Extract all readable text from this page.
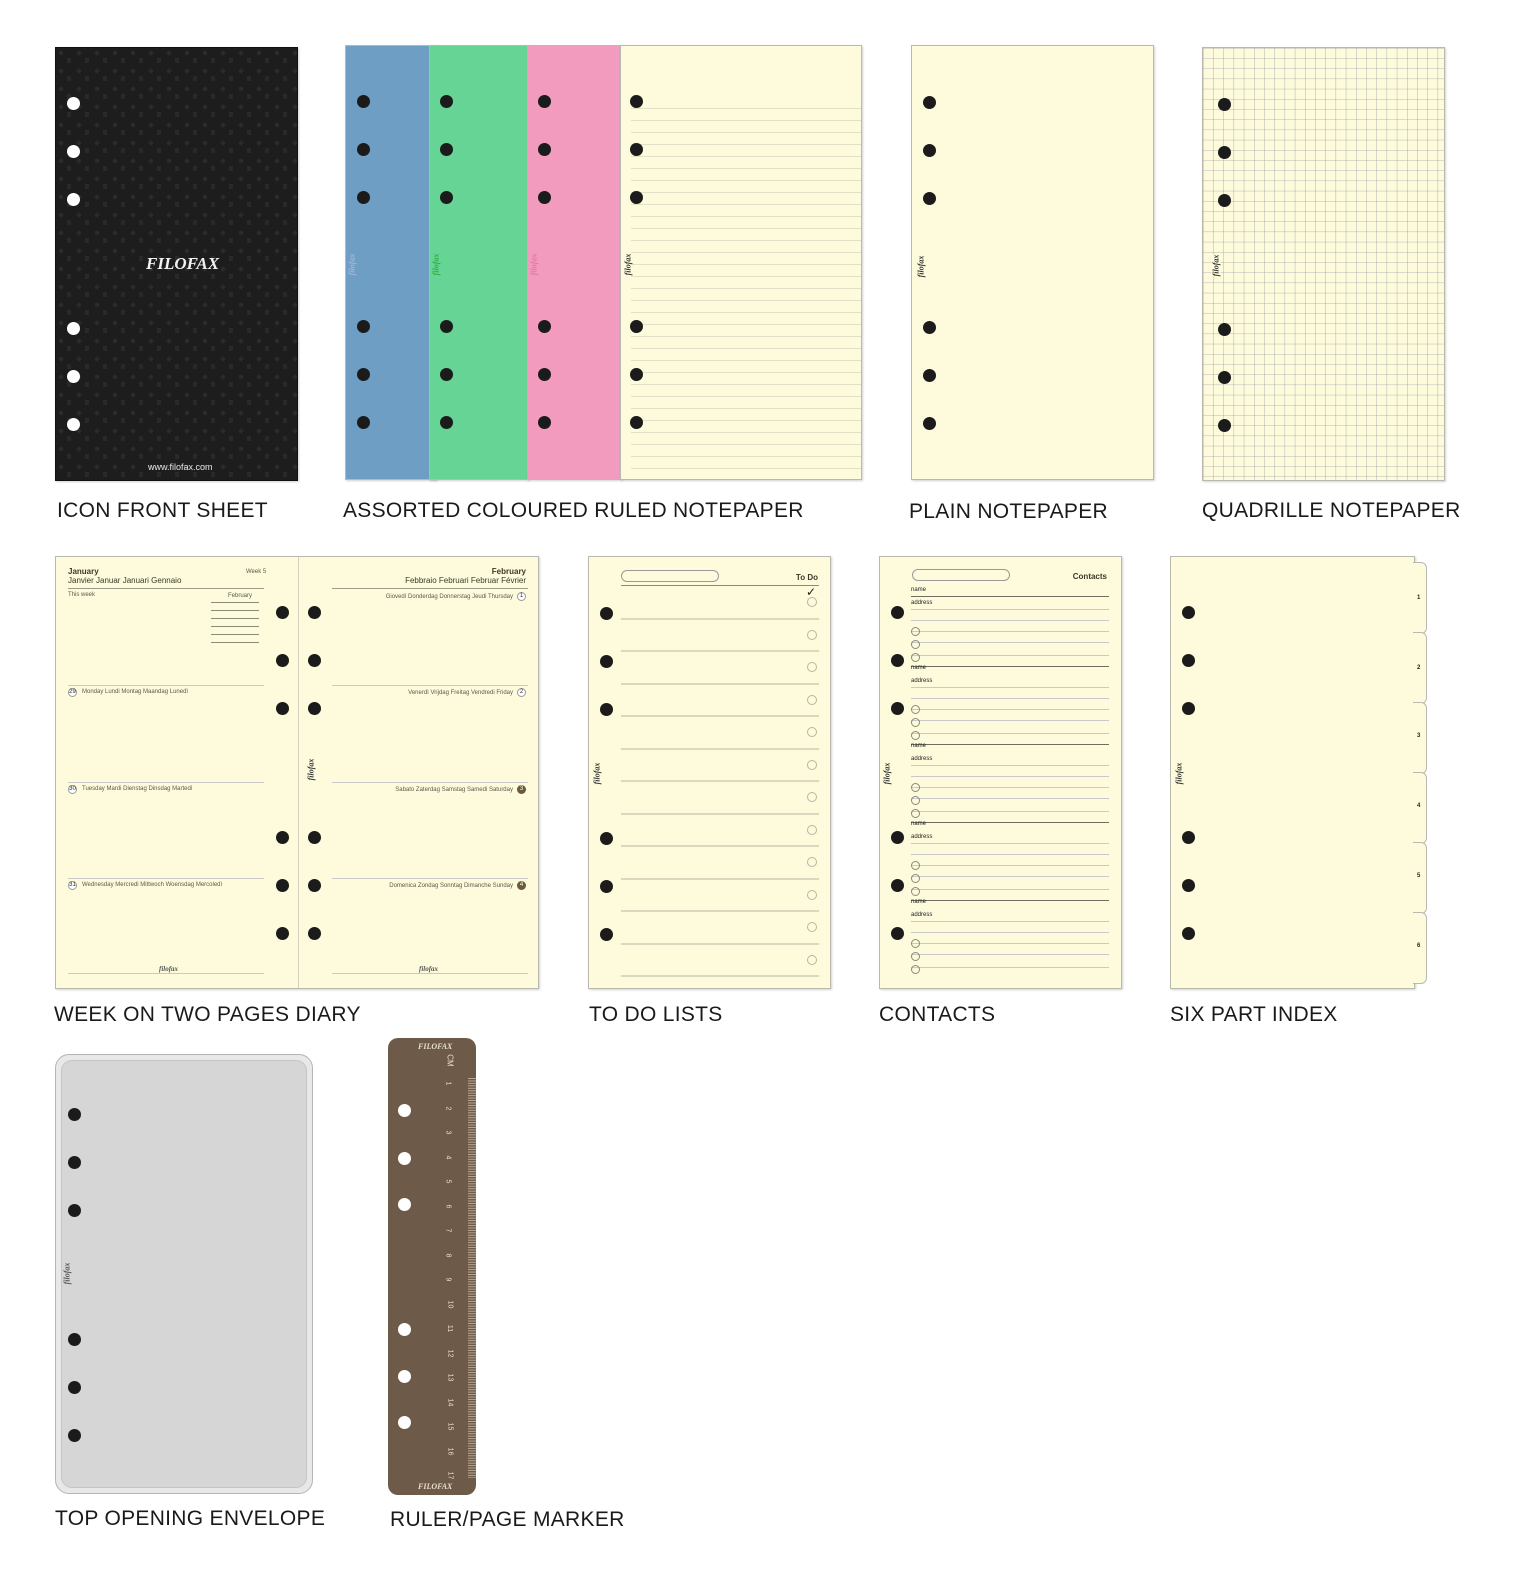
FILOFAX
www.filofax.com
ICON FRONT SHEET
filofax	filofax	filofax	filofax
ASSORTED COLOURED RULED NOTEPAPER
filofax
PLAIN NOTEPAPER
filofax
QUADRILLE NOTEPAPER
January
Janvier Januar Januari Gennaio
Week 5
This week	February
29 Monday Lundi Montag Maandag Lunedì
30 Tuesday Mardi Dienstag Dinsdag Martedì
31 Wednesday Mercredi Mittwoch Woensdag Mercoledì
filofax
February
Febbraio Februari Februar Février
Giovedì Donderdag Donnerstag Jeudi Thursday	1
Venerdì Vrijdag Freitag Vendredi Friday	2
Sabato Zaterdag Samstag Samedi Saturday	3
Domenica Zondag Sonntag Dimanche Sunday	4
filofax
filofax
WEEK ON TWO PAGES DIARY
To Do
✓
filofax
TO DO LISTS
Contacts
name
address
name
address
name
address
name
address
name
address
filofax
CONTACTS
filofax
1
2
3
4
5
6
SIX PART INDEX
filofax
TOP OPENING ENVELOPE
FILOFAX
FILOFAX
CM
1
2
3
4
5
6
7
8
9
10
11
12
13
14
15
16
17
RULER/PAGE MARKER
